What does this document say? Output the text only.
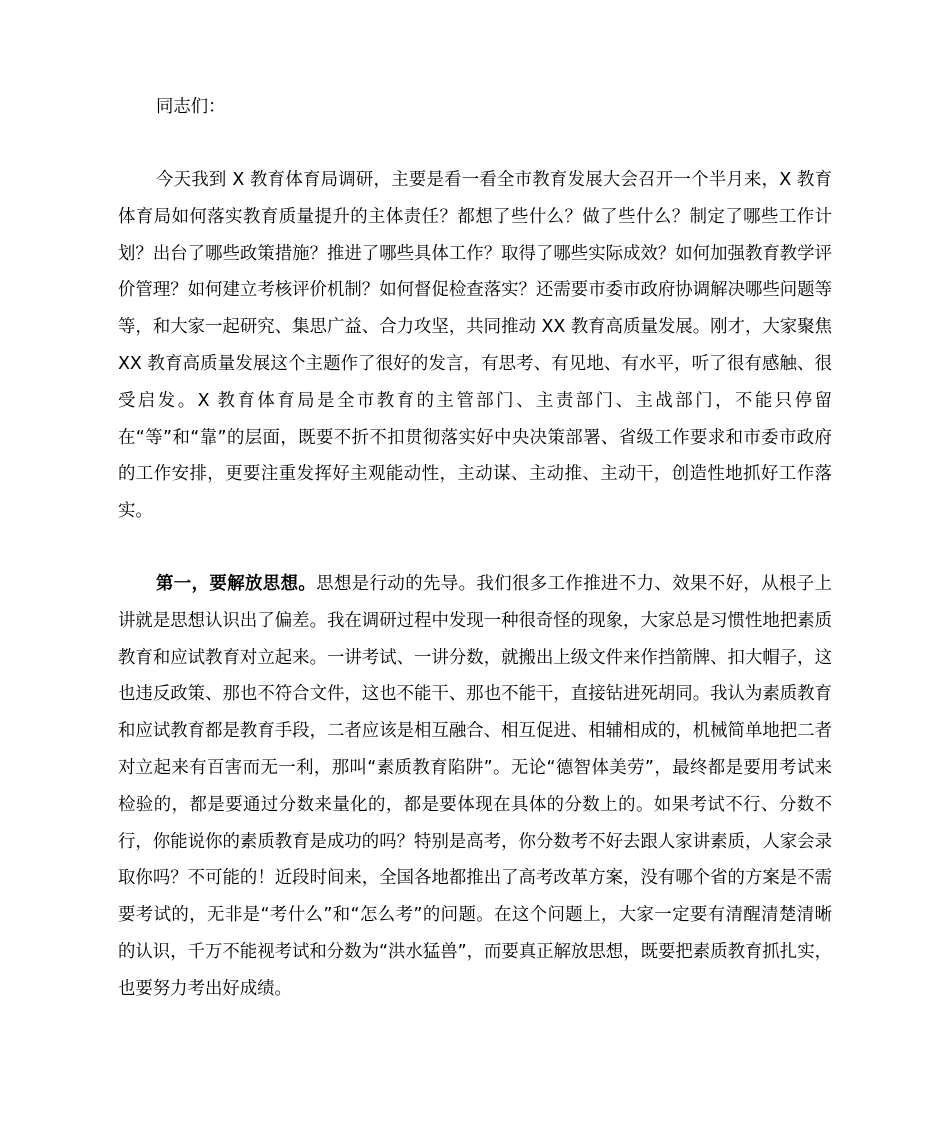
同志们：

今天我到 X 教育体育局调研，主要是看一看全市教育发展大会召开一个半月来，X 教育体育局如何落实教育质量提升的主体责任？都想了些什么？做了些什么？制定了哪些工作计划？出台了哪些政策措施？推进了哪些具体工作？取得了哪些实际成效？如何加强教育教学评价管理？如何建立考核评价机制？如何督促检查落实？还需要市委市政府协调解决哪些问题等等，和大家一起研究、集思广益、合力攻坚，共同推动 XX 教育高质量发展。刚才，大家聚焦 XX 教育高质量发展这个主题作了很好的发言，有思考、有见地、有水平，听了很有感触、很受启发。X 教育体育局是全市教育的主管部门、主责部门、主战部门，不能只停留在“等”和“靠”的层面，既要不折不扣贯彻落实好中央决策部署、省级工作要求和市委市政府的工作安排，更要注重发挥好主观能动性，主动谋、主动推、主动干，创造性地抓好工作落实。

第一，要解放思想。思想是行动的先导。我们很多工作推进不力、效果不好，从根子上讲就是思想认识出了偏差。我在调研过程中发现一种很奇怪的现象，大家总是习惯性地把素质教育和应试教育对立起来。一讲考试、一讲分数，就搬出上级文件来作挡箭牌、扣大帽子，这也违反政策、那也不符合文件，这也不能干、那也不能干，直接钻进死胡同。我认为素质教育和应试教育都是教育手段，二者应该是相互融合、相互促进、相辅相成的，机械简单地把二者对立起来有百害而无一利，那叫“素质教育陷阱”。无论“德智体美劳”，最终都是要用考试来检验的，都是要通过分数来量化的，都是要体现在具体的分数上的。如果考试不行、分数不行，你能说你的素质教育是成功的吗？特别是高考，你分数考不好去跟人家讲素质，人家会录取你吗？不可能的！近段时间来，全国各地都推出了高考改革方案，没有哪个省的方案是不需要考试的，无非是“考什么”和“怎么考”的问题。在这个问题上，大家一定要有清醒清楚清晰的认识，千万不能视考试和分数为“洪水猛兽”，而要真正解放思想，既要把素质教育抓扎实，也要努力考出好成绩。
